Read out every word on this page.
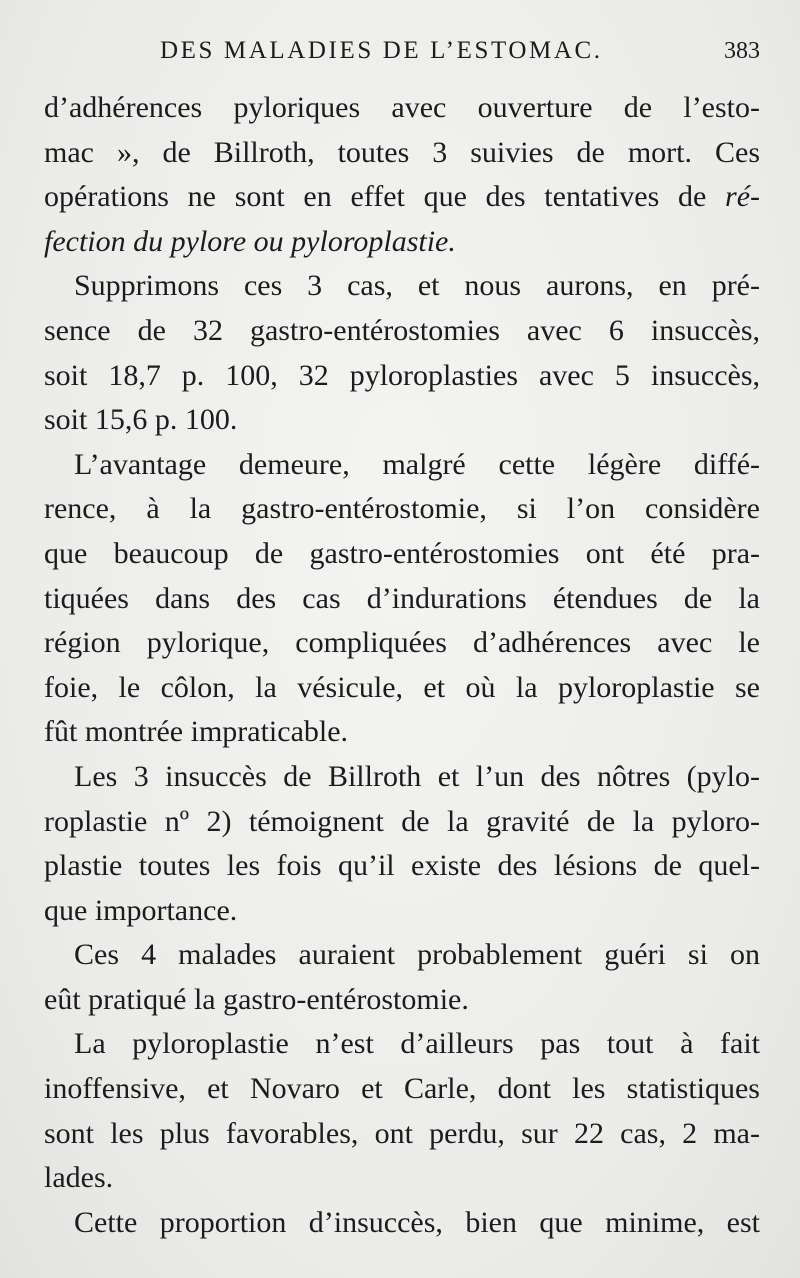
DES MALADIES DE L’ESTOMAC.	383
d’adhérences pyloriques avec ouverture de l’esto-
mac », de Billroth, toutes 3 suivies de mort. Ces
opérations ne sont en effet que des tentatives de ré-
fection du pylore ou pyloroplastie.
Supprimons ces 3 cas, et nous aurons, en pré-
sence de 32 gastro-entérostomies avec 6 insuccès,
soit 18,7 p. 100, 32 pyloroplasties avec 5 insuccès,
soit 15,6 p. 100.
L’avantage demeure, malgré cette légère diffé-
rence, à la gastro-entérostomie, si l’on considère
que beaucoup de gastro-entérostomies ont été pra-
tiquées dans des cas d’indurations étendues de la
région pylorique, compliquées d’adhérences avec le
foie, le côlon, la vésicule, et où la pyloroplastie se
fût montrée impraticable.
Les 3 insuccès de Billroth et l’un des nôtres (pylo-
roplastie nº 2) témoignent de la gravité de la pyloro-
plastie toutes les fois qu’il existe des lésions de quel-
que importance.
Ces 4 malades auraient probablement guéri si on
eût pratiqué la gastro-entérostomie.
La pyloroplastie n’est d’ailleurs pas tout à fait
inoffensive, et Novaro et Carle, dont les statistiques
sont les plus favorables, ont perdu, sur 22 cas, 2 ma-
lades.
Cette proportion d’insuccès, bien que minime, est
